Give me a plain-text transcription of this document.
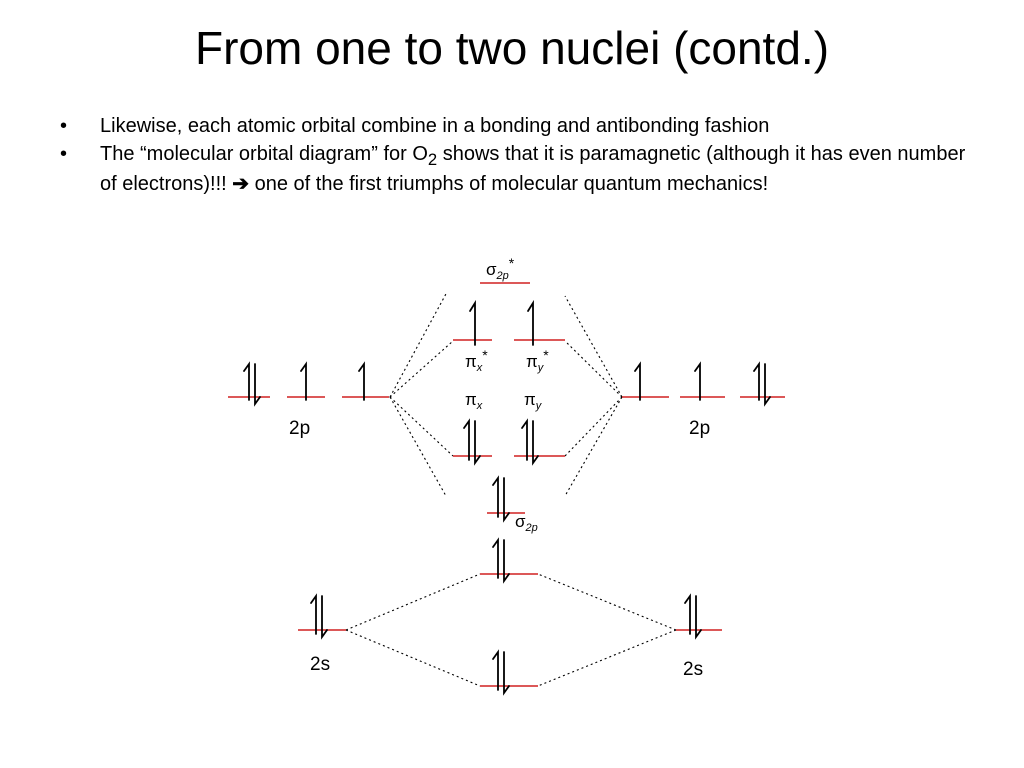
From one to two nuclei (contd.)
• Likewise, each atomic orbital combine in a bonding and antibonding fashion
• The “molecular orbital diagram” for $O_2$ shows that it is paramagnetic (although it has even number of electrons)!!! ➔ one of the first triumphs of molecular quantum mechanics!
$\sigma_{2p}^*$
$\pi_x^*$ $\pi_y^*$
$\pi_x$ $\pi_y$
$\sigma_{2p}$
2p	2p
2s	2s
